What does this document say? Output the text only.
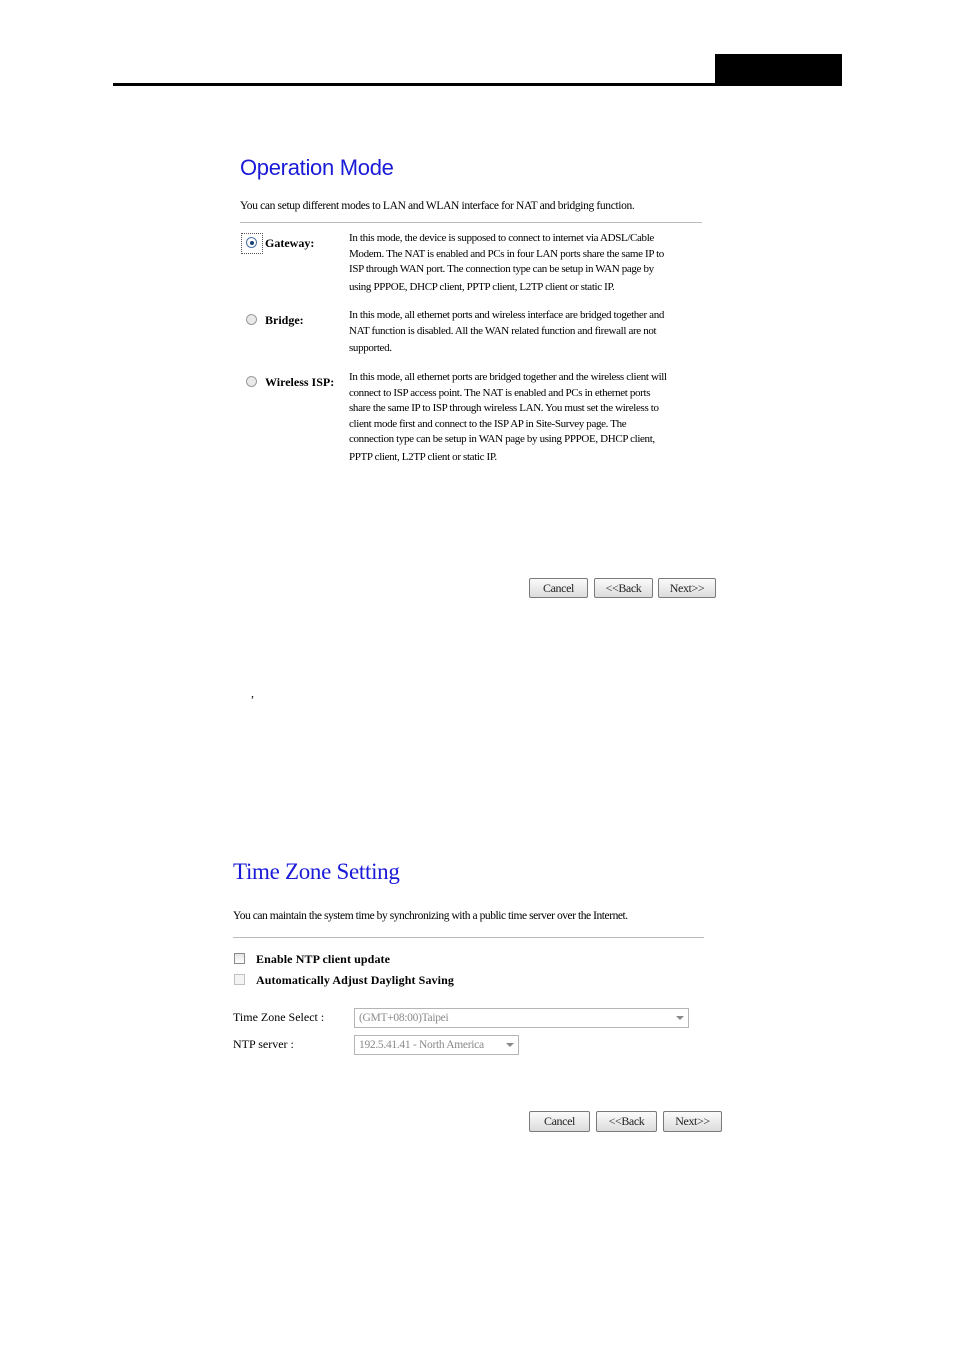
Operation Mode
You can setup different modes to LAN and WLAN interface for NAT and bridging function.
Gateway:	In this mode, the device is supposed to connect to internet via ADSL/Cable
Modem. The NAT is enabled and PCs in four LAN ports share the same IP to
ISP through WAN port. The connection type can be setup in WAN page by
using PPPOE, DHCP client, PPTP client, L2TP client or static IP.
Bridge:	In this mode, all ethernet ports and wireless interface are bridged together and
NAT function is disabled. All the WAN related function and firewall are not
supported.
Wireless ISP: In this mode, all ethernet ports are bridged together and the wireless client will
connect to ISP access point. The NAT is enabled and PCs in ethernet ports
share the same IP to ISP through wireless LAN. You must set the wireless to
client mode first and connect to the ISP AP in Site-Survey page. The
connection type can be setup in WAN page by using PPPOE, DHCP client,
PPTP client, L2TP client or static IP.
Cancel	<<Back	Next>>
,
Time Zone Setting
You can maintain the system time by synchronizing with a public time server over the Internet.
Enable NTP client update
Automatically Adjust Daylight Saving
Time Zone Select :	(GMT+08:00)Taipei
NTP server :	192.5.41.41 - North America
Cancel	<<Back	Next>>
